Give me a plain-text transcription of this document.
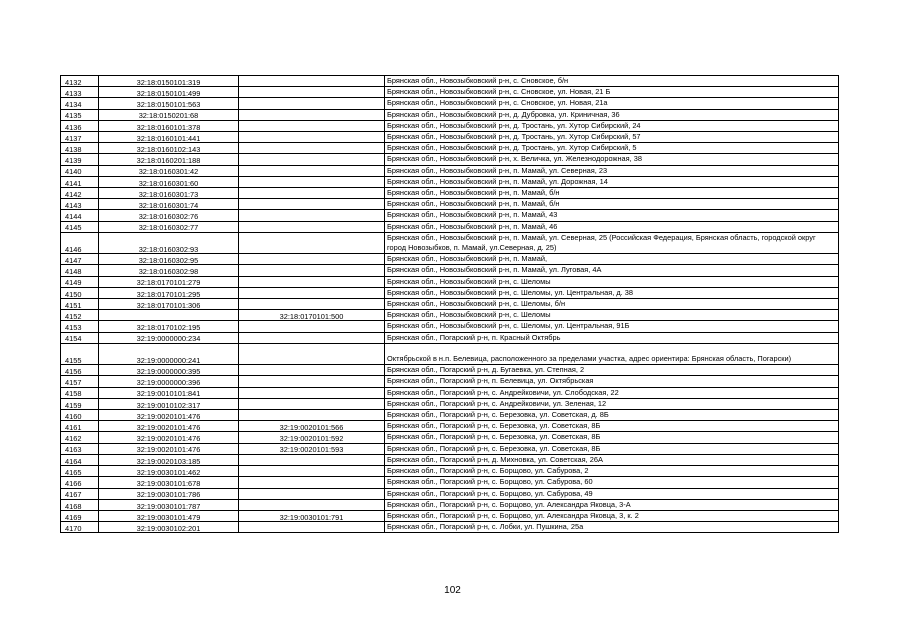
4132	32:18:0150101:319		Брянская обл., Новозыбковский р-н, с. Сновское, б/н
4133	32:18:0150101:499		Брянская обл., Новозыбковский р-н, с. Сновское, ул. Новая, 21 Б
4134	32:18:0150101:563		Брянская обл., Новозыбковский р-н, с. Сновское, ул. Новая, 21а
4135	32:18:0150201:68		Брянская обл., Новозыбковский р-н, д. Дубровка, ул. Криничная, 36
4136	32:18:0160101:378		Брянская обл., Новозыбковский р-н, д. Тростань, ул. Хутор Сибирский, 24
4137	32:18:0160101:441		Брянская обл., Новозыбковский р-н, д. Тростань, ул. Хутор Сибирский, 57
4138	32:18:0160102:143		Брянская обл., Новозыбковский р-н, д. Тростань, ул. Хутор Сибирский, 5
4139	32:18:0160201:188		Брянская обл., Новозыбковский р-н, х. Величка, ул. Железнодорожная, 38
4140	32:18:0160301:42		Брянская обл., Новозыбковский р-н, п. Мамай, ул. Северная, 23
4141	32:18:0160301:60		Брянская обл., Новозыбковский р-н, п. Мамай, ул. Дорожная, 14
4142	32:18:0160301:73		Брянская обл., Новозыбковский р-н, п. Мамай, б/н
4143	32:18:0160301:74		Брянская обл., Новозыбковский р-н, п. Мамай, б/н
4144	32:18:0160302:76		Брянская обл., Новозыбковский р-н, п. Мамай, 43
4145	32:18:0160302:77		Брянская обл., Новозыбковский р-н, п. Мамай, 46
4146	32:18:0160302:93		Брянская обл., Новозыбковский р-н, п. Мамай, ул. Северная, 25 (Российская Федерация, Брянская область, городской округ город Новозыбков, п. Мамай, ул.Северная, д. 25)
4147	32:18:0160302:95		Брянская обл., Новозыбковский р-н, п. Мамай,
4148	32:18:0160302:98		Брянская обл., Новозыбковский р-н, п. Мамай, ул. Луговая, 4А
4149	32:18:0170101:279		Брянская обл., Новозыбковский р-н, с. Шеломы
4150	32:18:0170101:295		Брянская обл., Новозыбковский р-н, с. Шеломы, ул. Центральная, д. 38
4151	32:18:0170101:306		Брянская обл., Новозыбковский р-н, с. Шеломы, б/н
4152		32:18:0170101:500	Брянская обл., Новозыбковский р-н, с. Шеломы
4153	32:18:0170102:195		Брянская обл., Новозыбковский р-н, с. Шеломы, ул. Центральная, 91Б
4154	32:19:0000000:234		Брянская обл., Погарский р-н, п. Красный Октябрь
4155	32:19:0000000:241		Октябрьской в н.п. Белевица, расположенного за пределами участка, адрес ориентира: Брянская область, Погарски)
4156	32:19:0000000:395		Брянская обл., Погарский р-н, д. Бугаевка, ул. Степная, 2
4157	32:19:0000000:396		Брянская обл., Погарский р-н, п. Белевица, ул. Октябрьская
4158	32:19:0010101:841		Брянская обл., Погарский р-н, с. Андрейковичи, ул. Слободская, 22
4159	32:19:0010102:317		Брянская обл., Погарский р-н, с. Андрейковичи, ул. Зеленая, 12
4160	32:19:0020101:476		Брянская обл., Погарский р-н, с. Березовка, ул. Советская, д. 8Б
4161	32:19:0020101:476	32:19:0020101:566	Брянская обл., Погарский р-н, с. Березовка, ул. Советская, 8Б
4162	32:19:0020101:476	32:19:0020101:592	Брянская обл., Погарский р-н, с. Березовка, ул. Советская, 8Б
4163	32:19:0020101:476	32:19:0020101:593	Брянская обл., Погарский р-н, с. Березовка, ул. Советская, 8Б
4164	32:19:0020103:185		Брянская обл., Погарский р-н, д. Михновка, ул. Советская, 26А
4165	32:19:0030101:462		Брянская обл., Погарский р-н, с. Борщово, ул. Сабурова, 2
4166	32:19:0030101:678		Брянская обл., Погарский р-н, с. Борщово, ул. Сабурова, 60
4167	32:19:0030101:786		Брянская обл., Погарский р-н, с. Борщово, ул. Сабурова, 49
4168	32:19:0030101:787		Брянская обл., Погарский р-н, с. Борщово, ул. Александра Яковца, 3-А
4169	32:19:0030101:479	32:19:0030101:791	Брянская обл., Погарский р-н, с. Борщово, ул. Александра Яковца, 3, к. 2
4170	32:19:0030102:201		Брянская обл., Погарский р-н, с. Лобки, ул. Пушкина, 25а
102
